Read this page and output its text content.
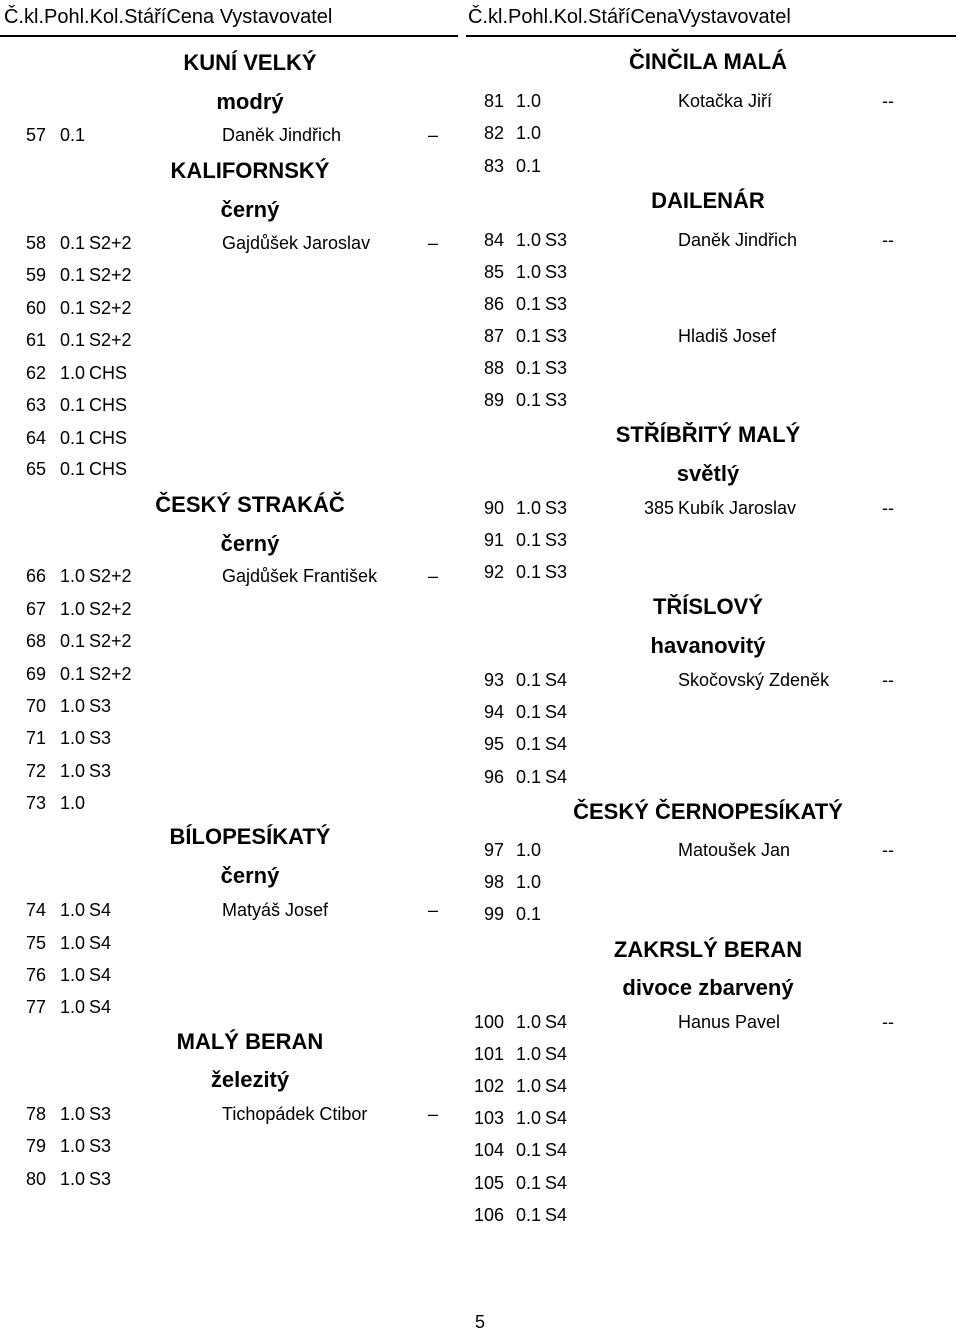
Č.kl.Pohl.Kol.StáříCena Vystavovatel	Č.kl.Pohl.Kol.StáříCenaVystavovatel
KUNÍ VELKÝ
modrý
57 0.1	Daněk Jindřich	–
KALIFORNSKÝ
černý
58 0.1 S2+2	Gajdůšek Jaroslav	–
59 0.1 S2+2
60 0.1 S2+2
61 0.1 S2+2
62 1.0 CHS
63 0.1 CHS
64 0.1 CHS
65 0.1 CHS
ČESKÝ STRAKÁČ
černý
66 1.0 S2+2	Gajdůšek František	–
67 1.0 S2+2
68 0.1 S2+2
69 0.1 S2+2
70 1.0 S3
71 1.0 S3
72 1.0 S3
73 1.0
BÍLOPESÍKATÝ
černý
74 1.0 S4	Matyáš Josef	–
75 1.0 S4
76 1.0 S4
77 1.0 S4
MALÝ BERAN
železitý
78 1.0 S3	Tichopádek Ctibor	–
79 1.0 S3
80 1.0 S3
ČINČILA MALÁ
81 1.0	Kotačka Jiří	--
82 1.0
83 0.1
DAILENÁR
84 1.0 S3	Daněk Jindřich	--
85 1.0 S3
86 0.1 S3
87 0.1 S3	Hladiš Josef
88 0.1 S3
89 0.1 S3
STŘÍBŘITÝ MALÝ
světlý
90 1.0 S3	385 Kubík Jaroslav	--
91 0.1 S3
92 0.1 S3
TŘÍSLOVÝ
havanovitý
93 0.1 S4	Skočovský Zdeněk	--
94 0.1 S4
95 0.1 S4
96 0.1 S4
ČESKÝ ČERNOPESÍKATÝ
97 1.0	Matoušek Jan	--
98 1.0
99 0.1
ZAKRSLÝ BERAN
divoce zbarvený
100 1.0 S4	Hanus Pavel	--
101 1.0 S4
102 1.0 S4
103 1.0 S4
104 0.1 S4
105 0.1 S4
106 0.1 S4
5
